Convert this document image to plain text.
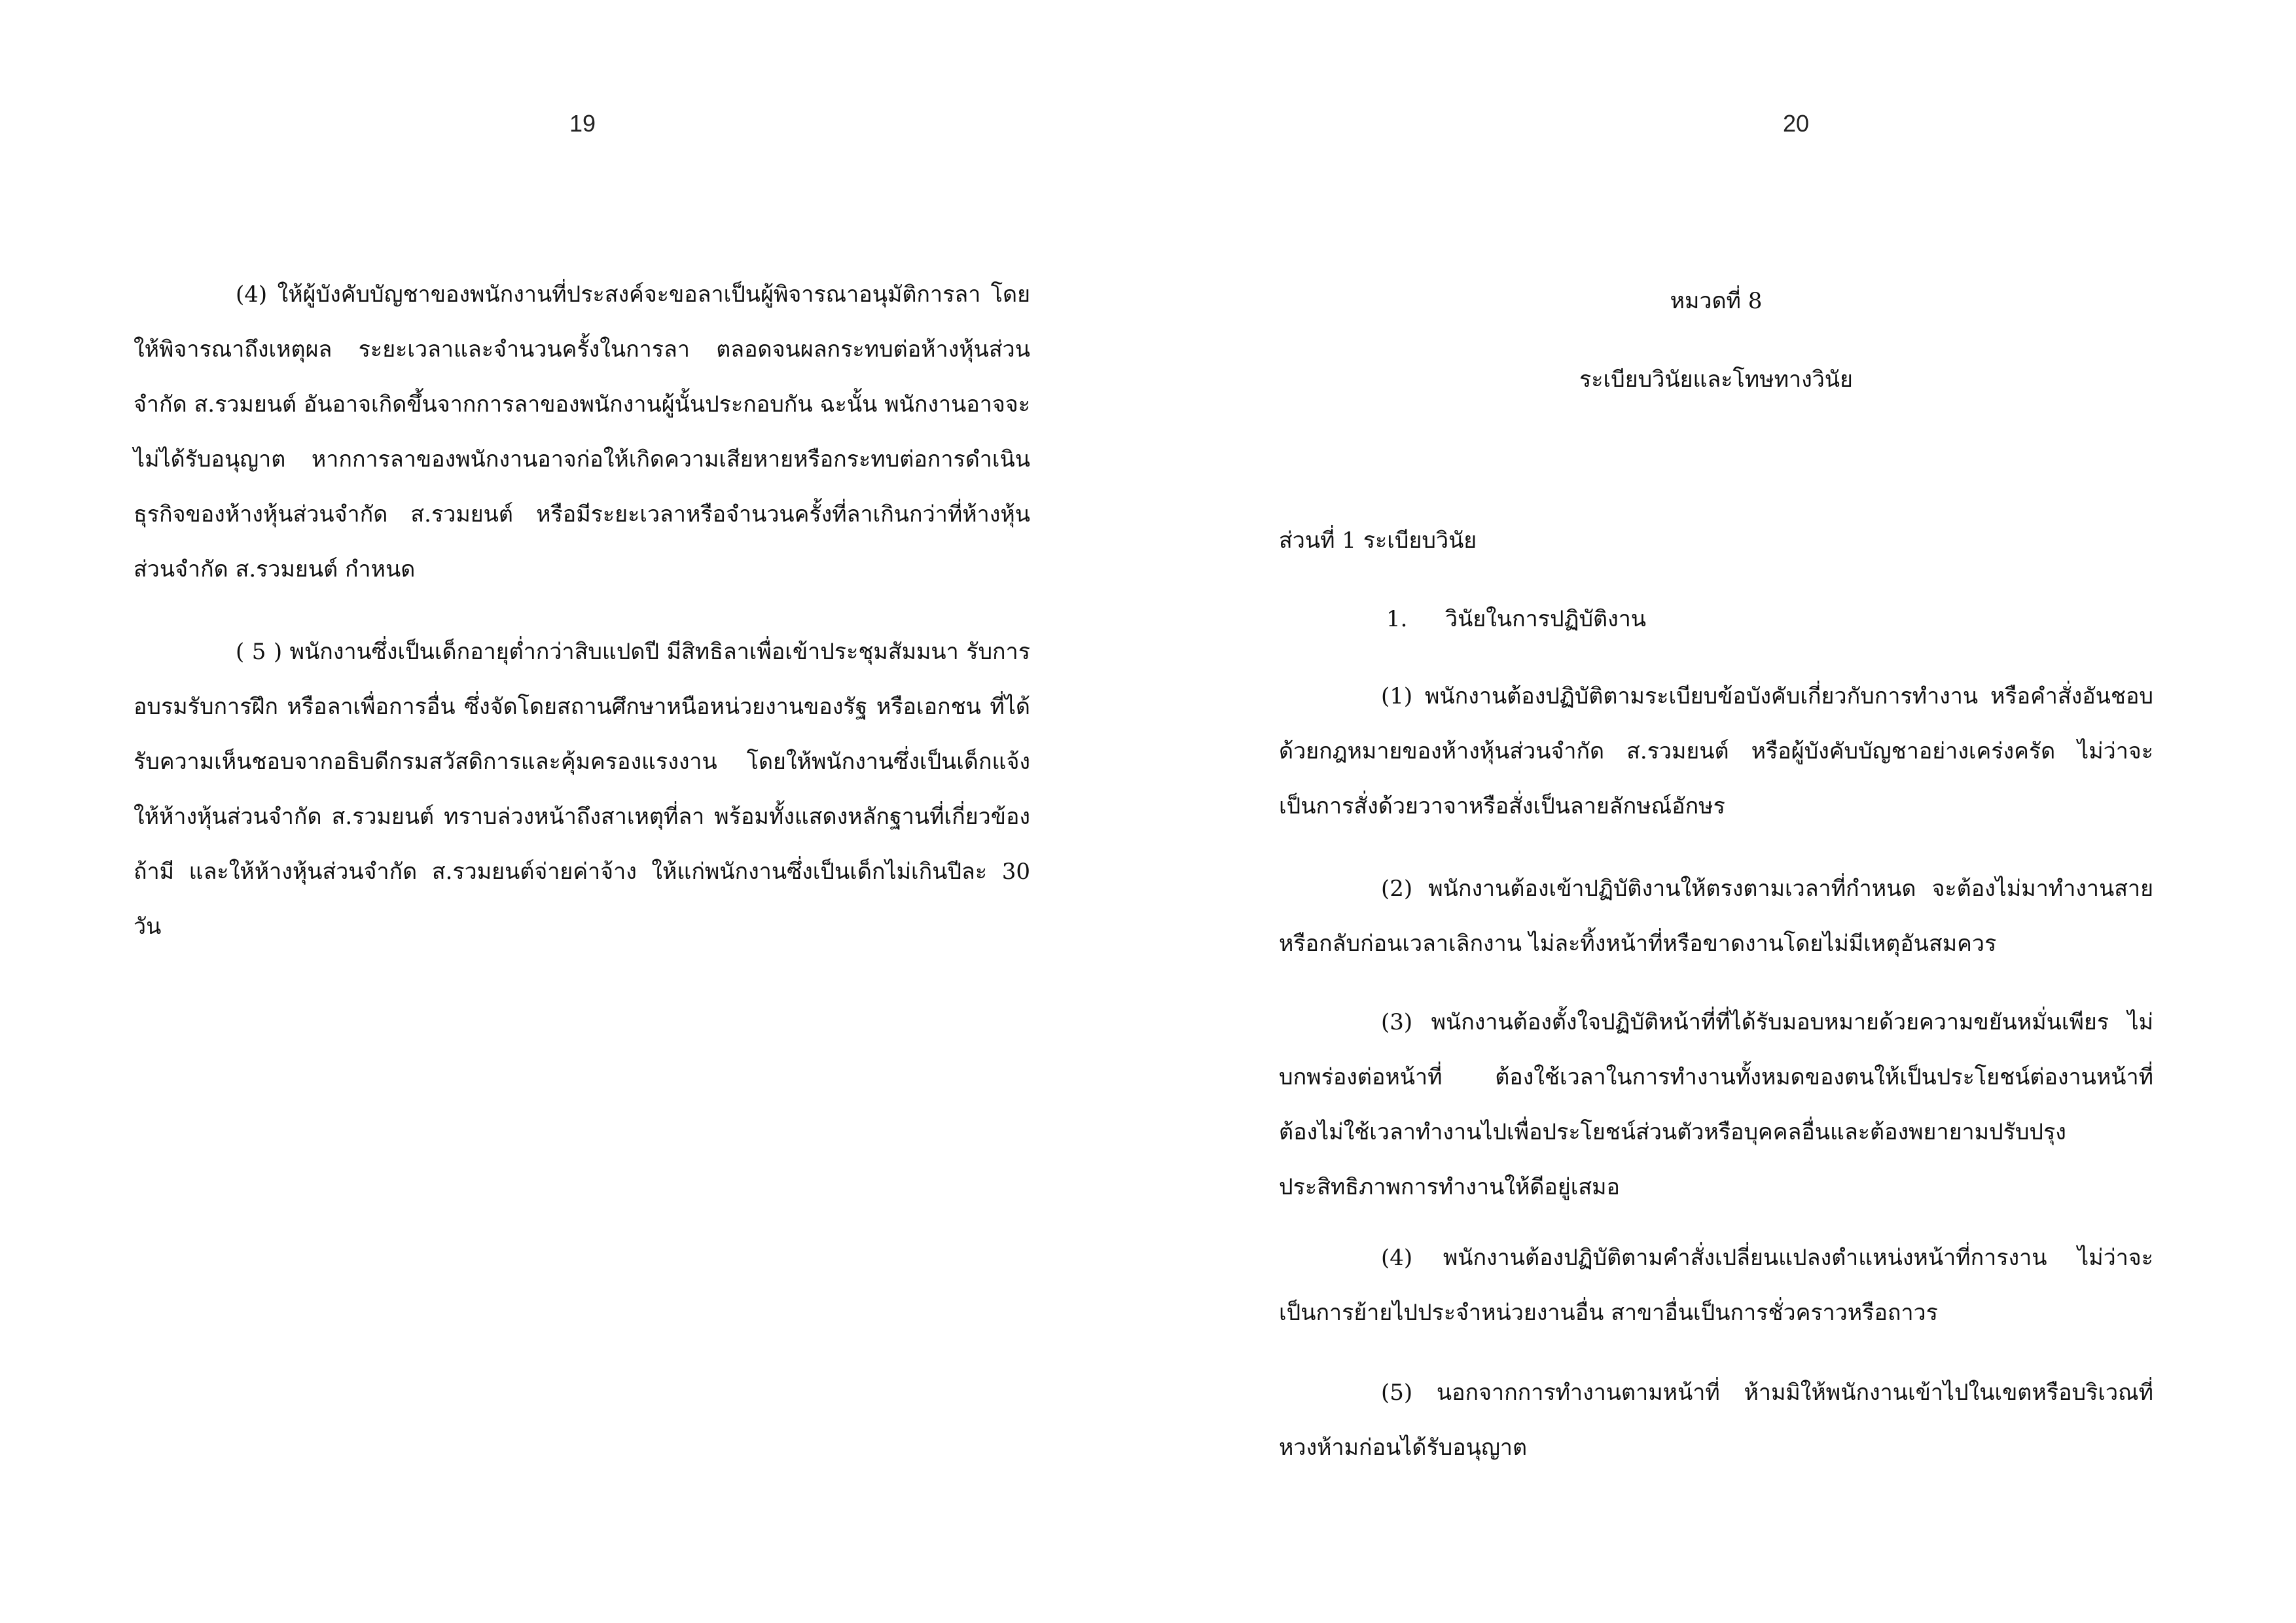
19

(4) ให้ผู้บังคับบัญชาของพนักงานที่ประสงค์จะขอลาเป็นผู้พิจารณาอนุมัติการลา โดยให้พิจารณาถึงเหตุผล ระยะเวลาและจำนวนครั้งในการลา ตลอดจนผลกระทบต่อห้างหุ้นส่วนจำกัด ส.รวมยนต์ อันอาจเกิดขึ้นจากการลาของพนักงานผู้นั้นประกอบกัน ฉะนั้น พนักงานอาจจะไม่ได้รับอนุญาต หากการลาของพนักงานอาจก่อให้เกิดความเสียหายหรือกระทบต่อการดำเนินธุรกิจของห้างหุ้นส่วนจำกัด ส.รวมยนต์ หรือมีระยะเวลาหรือจำนวนครั้งที่ลาเกินกว่าที่ห้างหุ้นส่วนจำกัด ส.รวมยนต์ กำหนด

( 5 ) พนักงานซึ่งเป็นเด็กอายุต่ำกว่าสิบแปดปี มีสิทธิลาเพื่อเข้าประชุมสัมมนา รับการอบรมรับการฝึก หรือลาเพื่อการอื่น ซึ่งจัดโดยสถานศึกษาหนือหน่วยงานของรัฐ หรือเอกชน ที่ได้รับความเห็นชอบจากอธิบดีกรมสวัสดิการและคุ้มครองแรงงาน โดยให้พนักงานซึ่งเป็นเด็กแจ้งให้ห้างหุ้นส่วนจำกัด ส.รวมยนต์ ทราบล่วงหน้าถึงสาเหตุที่ลา พร้อมทั้งแสดงหลักฐานที่เกี่ยวข้องถ้ามี และให้ห้างหุ้นส่วนจำกัด ส.รวมยนต์จ่ายค่าจ้าง ให้แก่พนักงานซึ่งเป็นเด็กไม่เกินปีละ 30 วัน

20
หมวดที่ 8
ระเบียบวินัยและโทษทางวินัย
ส่วนที่ 1 ระเบียบวินัย
1. วินัยในการปฏิบัติงาน

(1) พนักงานต้องปฏิบัติตามระเบียบข้อบังคับเกี่ยวกับการทำงาน หรือคำสั่งอันชอบด้วยกฎหมายของห้างหุ้นส่วนจำกัด ส.รวมยนต์ หรือผู้บังคับบัญชาอย่างเคร่งครัด ไม่ว่าจะเป็นการสั่งด้วยวาจาหรือสั่งเป็นลายลักษณ์อักษร

(2) พนักงานต้องเข้าปฏิบัติงานให้ตรงตามเวลาที่กำหนด จะต้องไม่มาทำงานสาย หรือกลับก่อนเวลาเลิกงาน ไม่ละทิ้งหน้าที่หรือขาดงานโดยไม่มีเหตุอันสมควร

(3) พนักงานต้องตั้งใจปฏิบัติหน้าที่ที่ได้รับมอบหมายด้วยความขยันหมั่นเพียร ไม่บกพร่องต่อหน้าที่ ต้องใช้เวลาในการทำงานทั้งหมดของตนให้เป็นประโยชน์ต่องานหน้าที่ ต้องไม่ใช้เวลาทำงานไปเพื่อประโยชน์ส่วนตัวหรือบุคคลอื่นและต้องพยายามปรับปรุงประสิทธิภาพการทำงานให้ดีอยู่เสมอ

(4) พนักงานต้องปฏิบัติตามคำสั่งเปลี่ยนแปลงตำแหน่งหน้าที่การงาน ไม่ว่าจะเป็นการย้ายไปประจำหน่วยงานอื่น สาขาอื่นเป็นการชั่วคราวหรือถาวร

(5) นอกจากการทำงานตามหน้าที่ ห้ามมิให้พนักงานเข้าไปในเขตหรือบริเวณที่หวงห้ามก่อนได้รับอนุญาต
